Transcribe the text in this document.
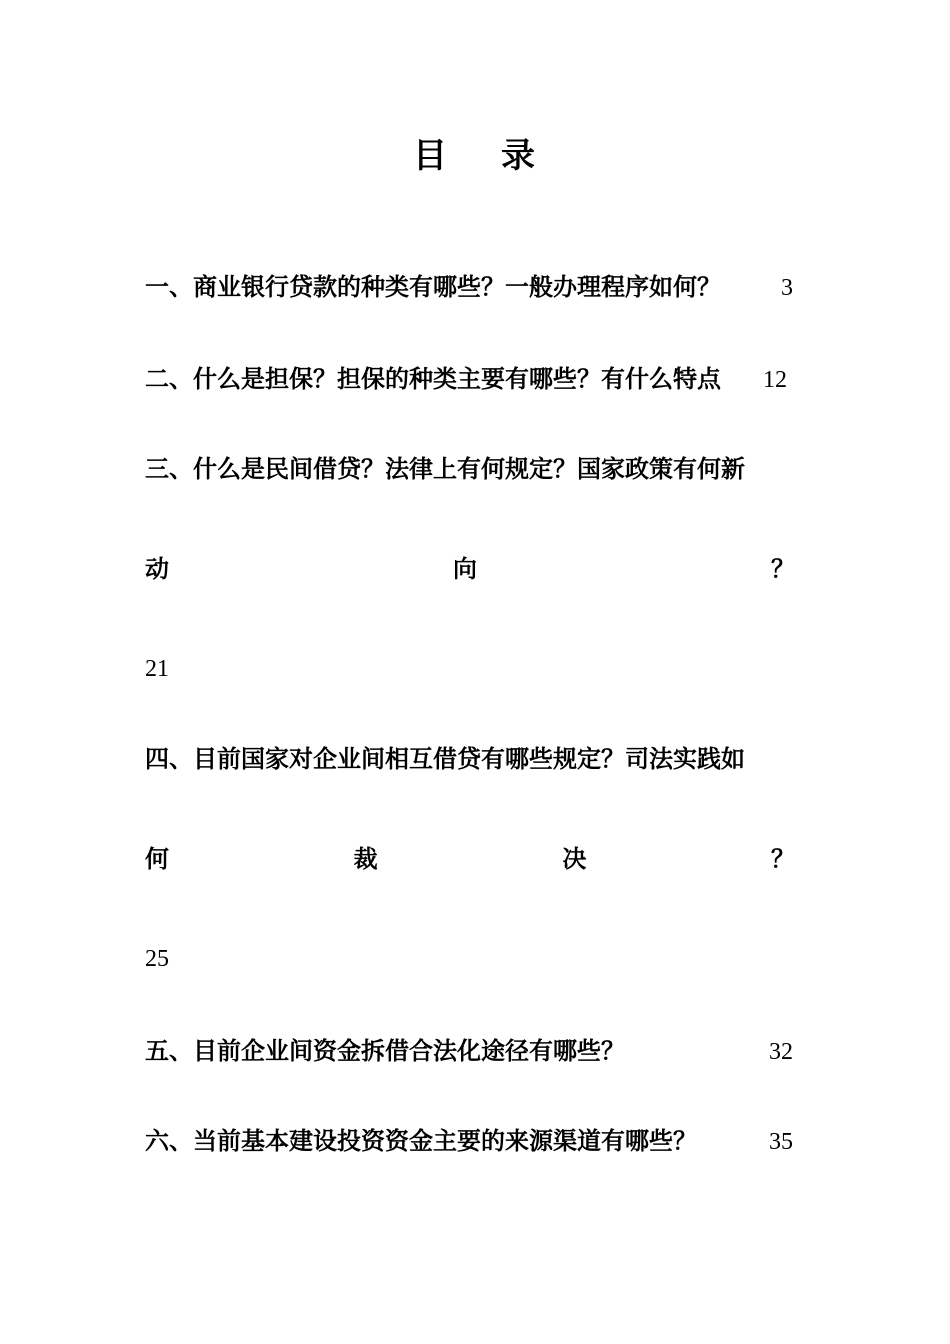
目 录
一、商业银行贷款的种类有哪些？一般办理程序如何？	3
二、什么是担保？担保的种类主要有哪些？有什么特点 12
三、什么是民间借贷？法律上有何规定？国家政策有何新
动	向	？
21
四、目前国家对企业间相互借贷有哪些规定？司法实践如
何	裁	决	？
25
五、目前企业间资金拆借合法化途径有哪些？	32
六、当前基本建设投资资金主要的来源渠道有哪些？	35
